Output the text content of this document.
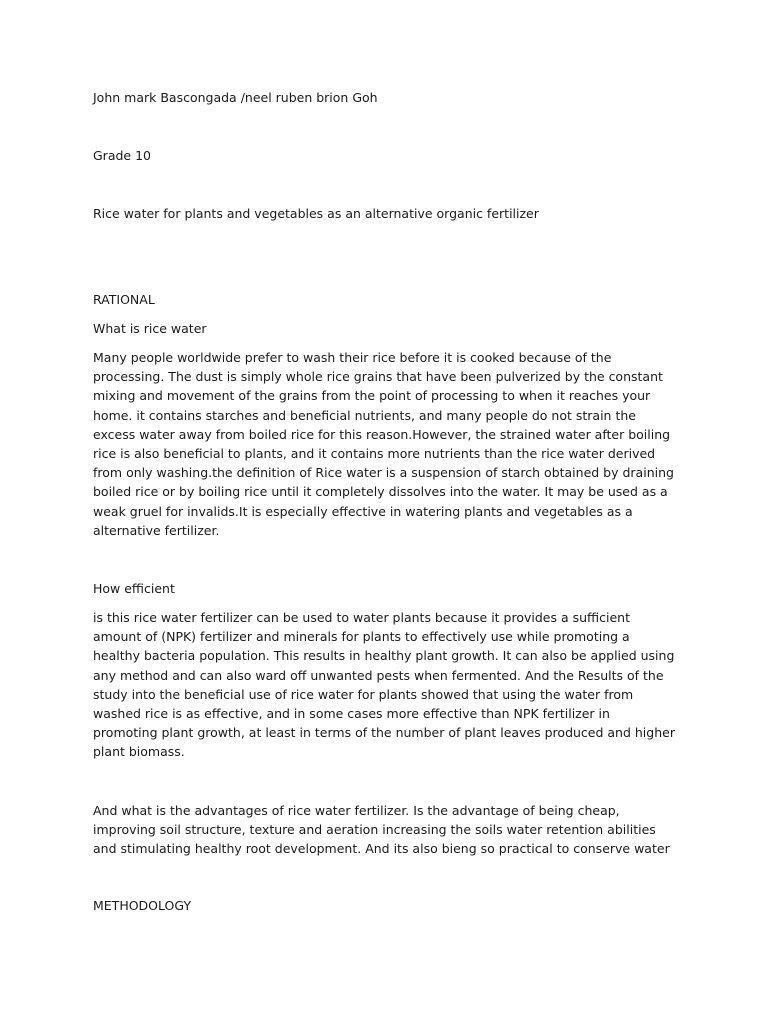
John mark Bascongada /neel ruben brion Goh
Grade 10
Rice water for plants and vegetables as an alternative organic fertilizer
RATIONAL
What is rice water

Many people worldwide prefer to wash their rice before it is cooked because of the processing. The dust is simply whole rice grains that have been pulverized by the constant mixing and movement of the grains from the point of processing to when it reaches your home. it contains starches and beneficial nutrients, and many people do not strain the excess water away from boiled rice for this reason.However, the strained water after boiling rice is also beneficial to plants, and it contains more nutrients than the rice water derived from only washing.the definition of Rice water is a suspension of starch obtained by draining boiled rice or by boiling rice until it completely dissolves into the water. It may be used as a weak gruel for invalids.It is especially effective in watering plants and vegetables as a alternative fertilizer.

How efficient

is this rice water fertilizer can be used to water plants because it provides a sufficient amount of (NPK) fertilizer and minerals for plants to effectively use while promoting a healthy bacteria population. This results in healthy plant growth. It can also be applied using any method and can also ward off unwanted pests when fermented. And the Results of the study into the beneficial use of rice water for plants showed that using the water from washed rice is as effective, and in some cases more effective than NPK fertilizer in promoting plant growth, at least in terms of the number of plant leaves produced and higher plant biomass.

And what is the advantages of rice water fertilizer. Is the advantage of being cheap, improving soil structure, texture and aeration increasing the soils water retention abilities and stimulating healthy root development. And its also bieng so practical to conserve water

METHODOLOGY
